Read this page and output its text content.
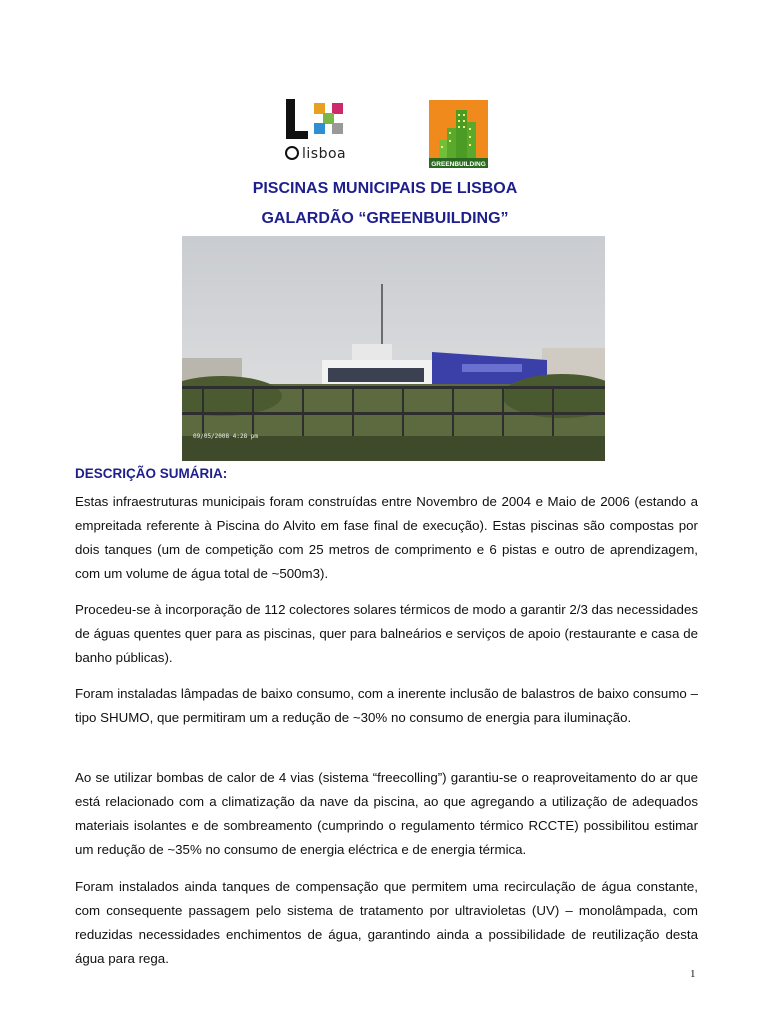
lisboa
GREENBUILDING
PISCINAS MUNICIPAIS DE LISBOA
GALARDÃO “GREENBUILDING”
09/05/2008 4:28 pm
DESCRIÇÃO SUMÁRIA:

Estas infraestruturas municipais foram construídas entre Novembro de 2004 e Maio de 2006 (estando a empreitada referente à Piscina do Alvito em fase final de execução). Estas piscinas são compostas por dois tanques (um de competição com 25 metros de comprimento e 6 pistas e outro de aprendizagem, com um volume de água total de ~500m3).

Procedeu-se à incorporação de 112 colectores solares térmicos de modo a garantir 2/3 das necessidades de águas quentes quer para as piscinas, quer para balneários e serviços de apoio (restaurante e casa de banho públicas).

Foram instaladas lâmpadas de baixo consumo, com a inerente inclusão de balastros de baixo consumo – tipo SHUMO, que permitiram um a redução de ~30% no consumo de energia para iluminação.

Ao se utilizar bombas de calor de 4 vias (sistema “freecolling”) garantiu-se o reaproveitamento do ar que está relacionado com a climatização da nave da piscina, ao que agregando a utilização de adequados materiais isolantes e de sombreamento (cumprindo o regulamento térmico RCCTE) possibilitou estimar um redução de ~35% no consumo de energia eléctrica e de energia térmica.

Foram instalados ainda tanques de compensação que permitem uma recirculação de água constante, com consequente passagem pelo sistema de tratamento por ultravioletas (UV) – monolâmpada, com reduzidas necessidades enchimentos de água, garantindo ainda a possibilidade de reutilização desta água para rega.

1
